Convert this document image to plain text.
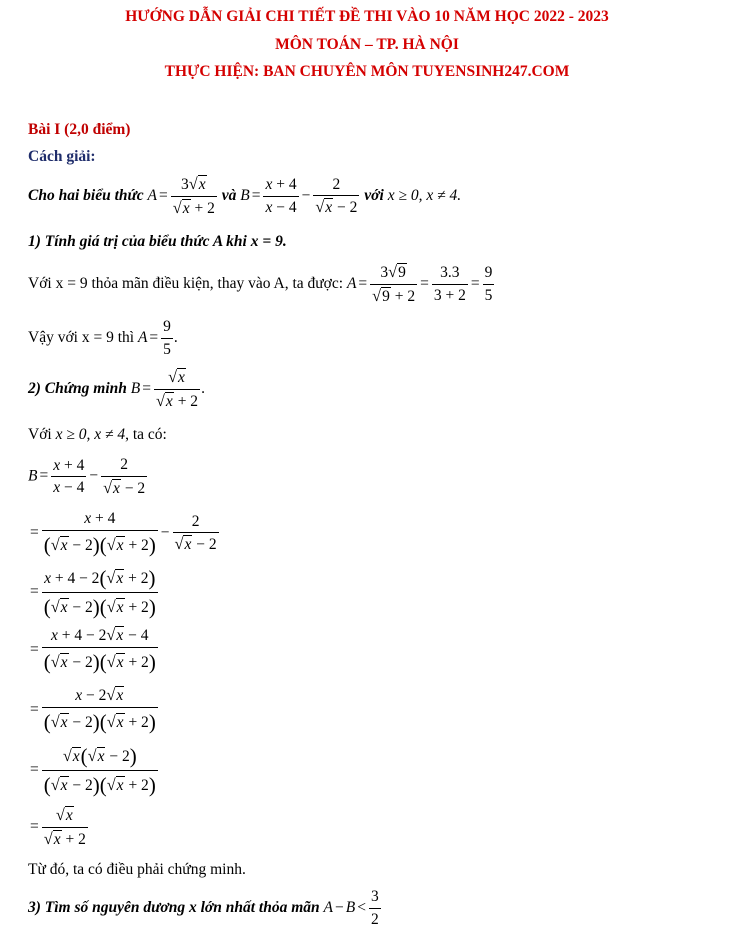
HƯỚNG DẪN GIẢI CHI TIẾT ĐỀ THI VÀO 10 NĂM HỌC 2022 - 2023
MÔN TOÁN – TP. HÀ NỘI
THỰC HIỆN: BAN CHUYÊN MÔN TUYENSINH247.COM
Bài I (2,0 điểm)
Cách giải:
Cho hai biểu thức $A = \frac{3√x}{√x + 2}$ và $B = \frac{x + 4}{x - 4} - \frac{2}{√x - 2}$ với x ≥ 0, x ≠ 4.
1) Tính giá trị của biểu thức A khi x = 9.
Với x = 9 thỏa mãn điều kiện, thay vào A, ta được: $A = \frac{3√9}{√9 + 2} = \frac{3.3}{3 + 2} = \frac{9}{5}$
Vậy với x = 9 thì $A = \frac{9}{5}$ .
2) Chứng minh $B = \frac{√x}{√x + 2}$ .
Với x ≥ 0, x ≠ 4, ta có:
$B = \frac{x + 4}{x - 4} - \frac{2}{√x - 2}$
= $\frac{x + 4}{(√x - 2)(√x + 2)} - \frac{2}{√x - 2}$
= $\frac{x + 4 - 2(√x + 2)}{(√x - 2)(√x + 2)}$
= $\frac{x + 4 - 2√x - 4}{(√x - 2)(√x + 2)}$
= $\frac{x - 2√x}{(√x - 2)(√x + 2)}$
= $\frac{√x(√x - 2)}{(√x - 2)(√x + 2)}$
= $\frac{√x}{√x + 2}$
Từ đó, ta có điều phải chứng minh.
3) Tìm số nguyên dương x lớn nhất thỏa mãn $A - B < \frac{3}{2}$
